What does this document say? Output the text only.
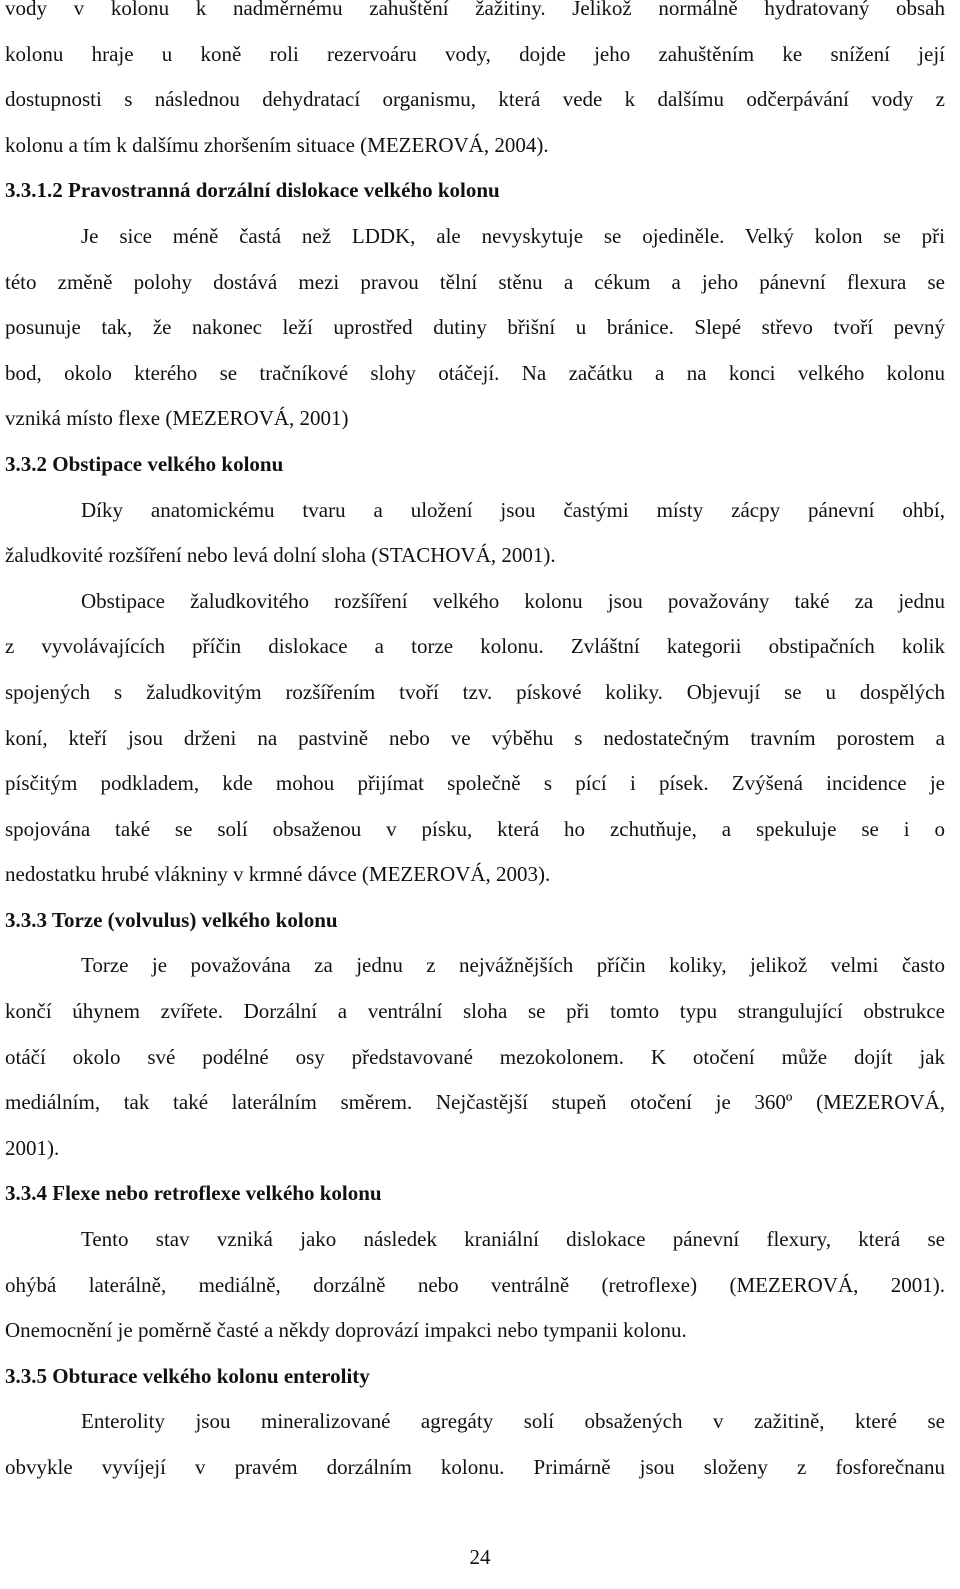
vody v kolonu k nadměrnému zahuštění žažitiny. Jelikož normálně hydratovaný obsah
kolonu hraje u koně roli rezervoáru vody, dojde jeho zahuštěním ke snížení její
dostupnosti s následnou dehydratací organismu, která vede k dalšímu odčerpávání vody z
kolonu a tím k dalšímu zhoršením situace (MEZEROVÁ, 2004).
3.3.1.2 Pravostranná dorzální dislokace velkého kolonu
Je sice méně častá než LDDK, ale nevyskytuje se ojediněle. Velký kolon se při
této změně polohy dostává mezi pravou tělní stěnu a cékum a jeho pánevní flexura se
posunuje tak, že nakonec leží uprostřed dutiny břišní u bránice. Slepé střevo tvoří pevný
bod, okolo kterého se tračníkové slohy otáčejí. Na začátku a na konci velkého kolonu
vzniká místo flexe (MEZEROVÁ, 2001)
3.3.2 Obstipace velkého kolonu
Díky anatomickému tvaru a uložení jsou častými místy zácpy pánevní ohbí,
žaludkovité rozšíření nebo levá dolní sloha (STACHOVÁ, 2001).
Obstipace žaludkovitého rozšíření velkého kolonu jsou považovány také za jednu
z vyvolávajících příčin dislokace a torze kolonu. Zvláštní kategorii obstipačních kolik
spojených s žaludkovitým rozšířením tvoří tzv. pískové koliky. Objevují se u dospělých
koní, kteří jsou drženi na pastvině nebo ve výběhu s nedostatečným travním porostem a
písčitým podkladem, kde mohou přijímat společně s pící i písek. Zvýšená incidence je
spojována také se solí obsaženou v písku, která ho zchutňuje, a spekuluje se i o
nedostatku hrubé vlákniny v krmné dávce (MEZEROVÁ, 2003).
3.3.3 Torze (volvulus) velkého kolonu
Torze je považována za jednu z nejvážnějších příčin koliky, jelikož velmi často
končí úhynem zvířete. Dorzální a ventrální sloha se při tomto typu strangulující obstrukce
otáčí okolo své podélné osy představované mezokolonem. K otočení může dojít jak
mediálním, tak také laterálním směrem. Nejčastější stupeň otočení je 360º (MEZEROVÁ,
2001).
3.3.4 Flexe nebo retroflexe velkého kolonu
Tento stav vzniká jako následek kraniální dislokace pánevní flexury, která se
ohýbá laterálně, mediálně, dorzálně nebo ventrálně (retroflexe) (MEZEROVÁ, 2001).
Onemocnění je poměrně časté a někdy doprovází impakci nebo tympanii kolonu.
3.3.5 Obturace velkého kolonu enterolity
Enterolity jsou mineralizované agregáty solí obsažených v zažitině, které se
obvykle vyvíjejí v pravém dorzálním kolonu. Primárně jsou složeny z fosforečnanu
24
